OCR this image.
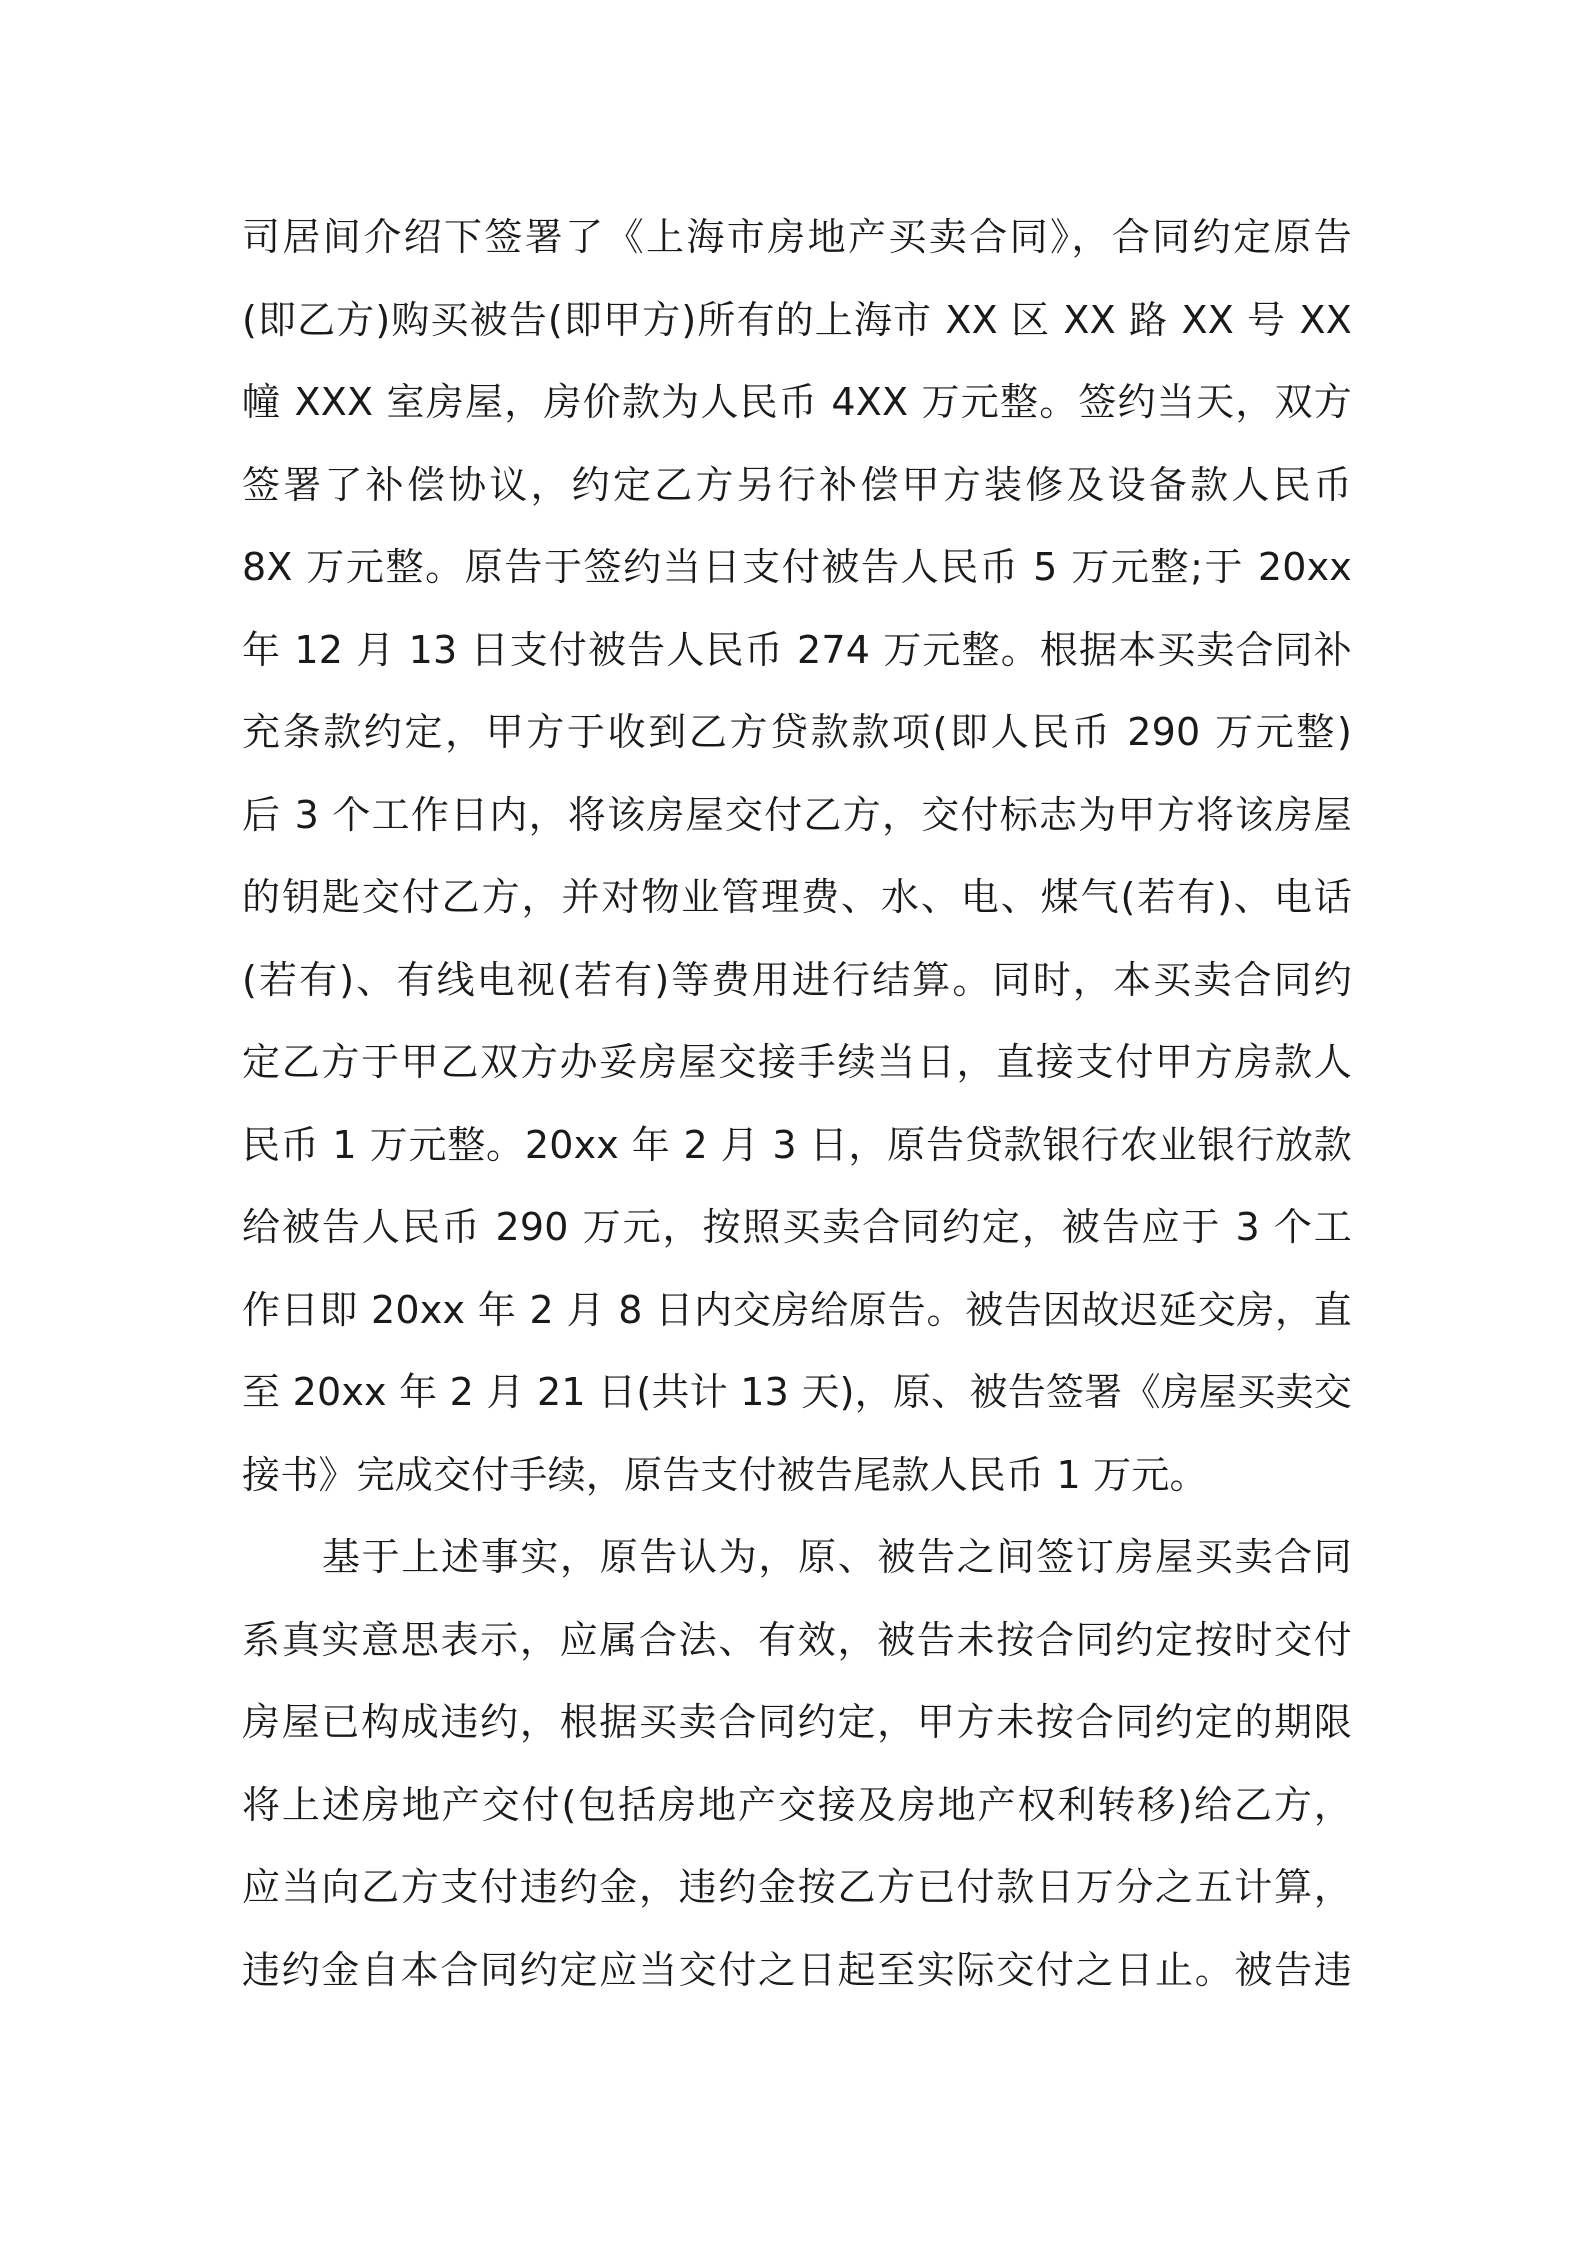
司居间介绍下签署了《上海市房地产买卖合同》，合同约定原告
(即乙方)购买被告(即甲方)所有的上海市 XX 区 XX 路 XX 号 XX
幢 XXX 室房屋，房价款为人民币 4XX 万元整。签约当天，双方
签署了补偿协议，约定乙方另行补偿甲方装修及设备款人民币
8X 万元整。原告于签约当日支付被告人民币 5 万元整;于 20xx
年 12 月 13 日支付被告人民币 274 万元整。根据本买卖合同补
充条款约定，甲方于收到乙方贷款款项(即人民币 290 万元整)
后 3 个工作日内，将该房屋交付乙方，交付标志为甲方将该房屋
的钥匙交付乙方，并对物业管理费、水、电、煤气(若有)、电话
(若有)、有线电视(若有)等费用进行结算。同时，本买卖合同约
定乙方于甲乙双方办妥房屋交接手续当日，直接支付甲方房款人
民币 1 万元整。20xx 年 2 月 3 日，原告贷款银行农业银行放款
给被告人民币 290 万元，按照买卖合同约定，被告应于 3 个工
作日即 20xx 年 2 月 8 日内交房给原告。被告因故迟延交房，直
至 20xx 年 2 月 21 日(共计 13 天)，原、被告签署《房屋买卖交
接书》完成交付手续，原告支付被告尾款人民币 1 万元。
基于上述事实，原告认为，原、被告之间签订房屋买卖合同
系真实意思表示，应属合法、有效，被告未按合同约定按时交付
房屋已构成违约，根据买卖合同约定，甲方未按合同约定的期限
将上述房地产交付(包括房地产交接及房地产权利转移)给乙方，
应当向乙方支付违约金，违约金按乙方已付款日万分之五计算，
违约金自本合同约定应当交付之日起至实际交付之日止。被告违
